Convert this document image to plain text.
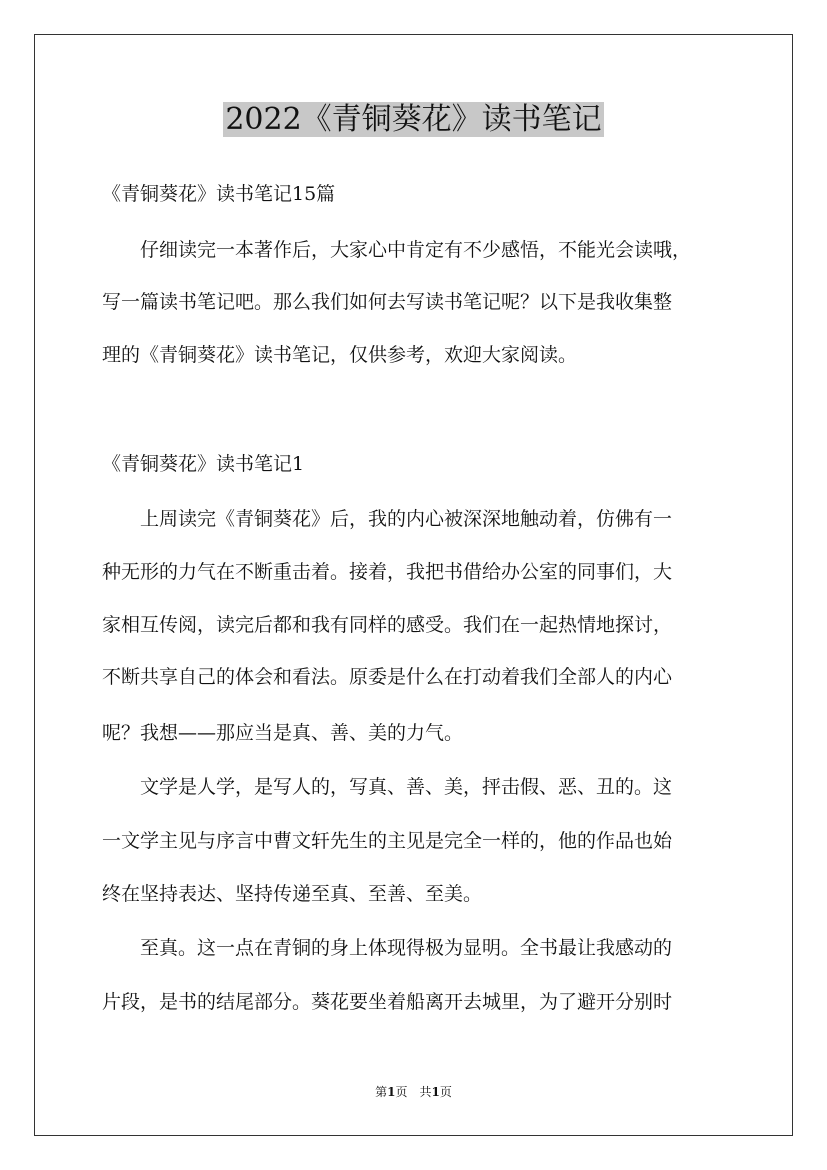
2022《青铜葵花》读书笔记
《青铜葵花》读书笔记15篇
　　仔细读完一本著作后，大家心中肯定有不少感悟，不能光会读哦，
写一篇读书笔记吧。那么我们如何去写读书笔记呢？以下是我收集整
理的《青铜葵花》读书笔记，仅供参考，欢迎大家阅读。
《青铜葵花》读书笔记1
　　上周读完《青铜葵花》后，我的内心被深深地触动着，仿佛有一
种无形的力气在不断重击着。接着，我把书借给办公室的同事们，大
家相互传阅，读完后都和我有同样的感受。我们在一起热情地探讨，
不断共享自己的体会和看法。原委是什么在打动着我们全部人的内心
呢？我想——那应当是真、善、美的力气。
　　文学是人学，是写人的，写真、善、美，抨击假、恶、丑的。这
一文学主见与序言中曹文轩先生的主见是完全一样的，他的作品也始
终在坚持表达、坚持传递至真、至善、至美。
　　至真。这一点在青铜的身上体现得极为显明。全书最让我感动的
片段，是书的结尾部分。葵花要坐着船离开去城里，为了避开分别时
第1页　共1页
